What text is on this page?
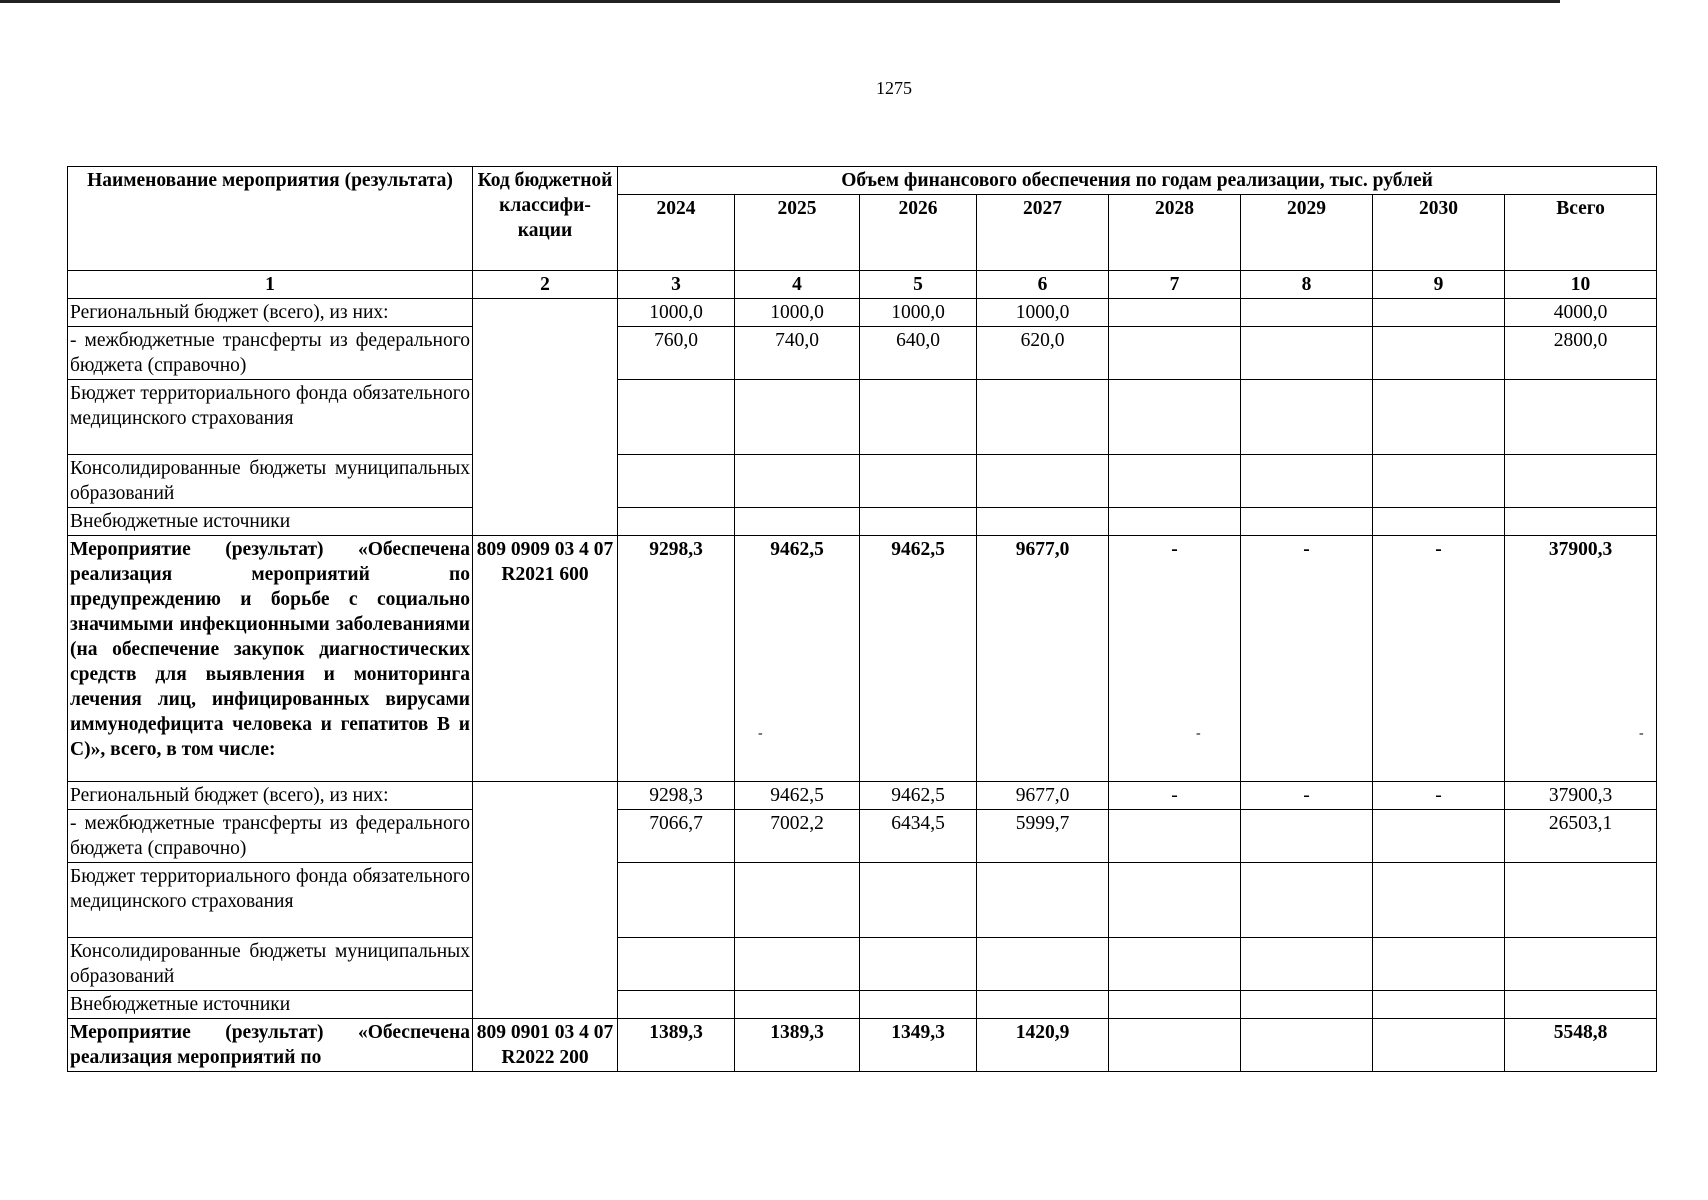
1275
Наименование мероприятия (результата)	Код бюджетной классифи-кации	Объем финансового обеспечения по годам реализации, тыс. рублей							
		2024	2025	2026	2027	2028	2029	2030	Всего
1	2	3	4	5	6	7	8	9	10
Региональный бюджет (всего), из них:		1000,0	1000,0	1000,0	1000,0				4000,0
- межбюджетные трансферты из федерального бюджета (справочно)		760,0	740,0	640,0	620,0				2800,0
Бюджет территориального фонда обязательного медицинского страхования									
Консолидированные бюджеты муниципальных образований									
Внебюджетные источники									
Мероприятие (результат) «Обеспечена реализация мероприятий по предупреждению и борьбе с социально значимыми инфекционными заболеваниями (на обеспечение закупок диагностических средств для выявления и мониторинга лечения лиц, инфицированных вирусами иммунодефицита человека и гепатитов В и С)», всего, в том числе:	809 0909 03 4 07 R2021 600	9298,3	9462,5	9462,5	9677,0	-	-	-	37900,3
Региональный бюджет (всего), из них:		9298,3	9462,5	9462,5	9677,0	-	-	-	37900,3
- межбюджетные трансферты из федерального бюджета (справочно)		7066,7	7002,2	6434,5	5999,7				26503,1
Бюджет территориального фонда обязательного медицинского страхования									
Консолидированные бюджеты муниципальных образований									
Внебюджетные источники									
Мероприятие (результат) «Обеспечена реализация мероприятий по	809 0901 03 4 07 R2022 200	1389,3	1389,3	1349,3	1420,9				5548,8
-	-	-
